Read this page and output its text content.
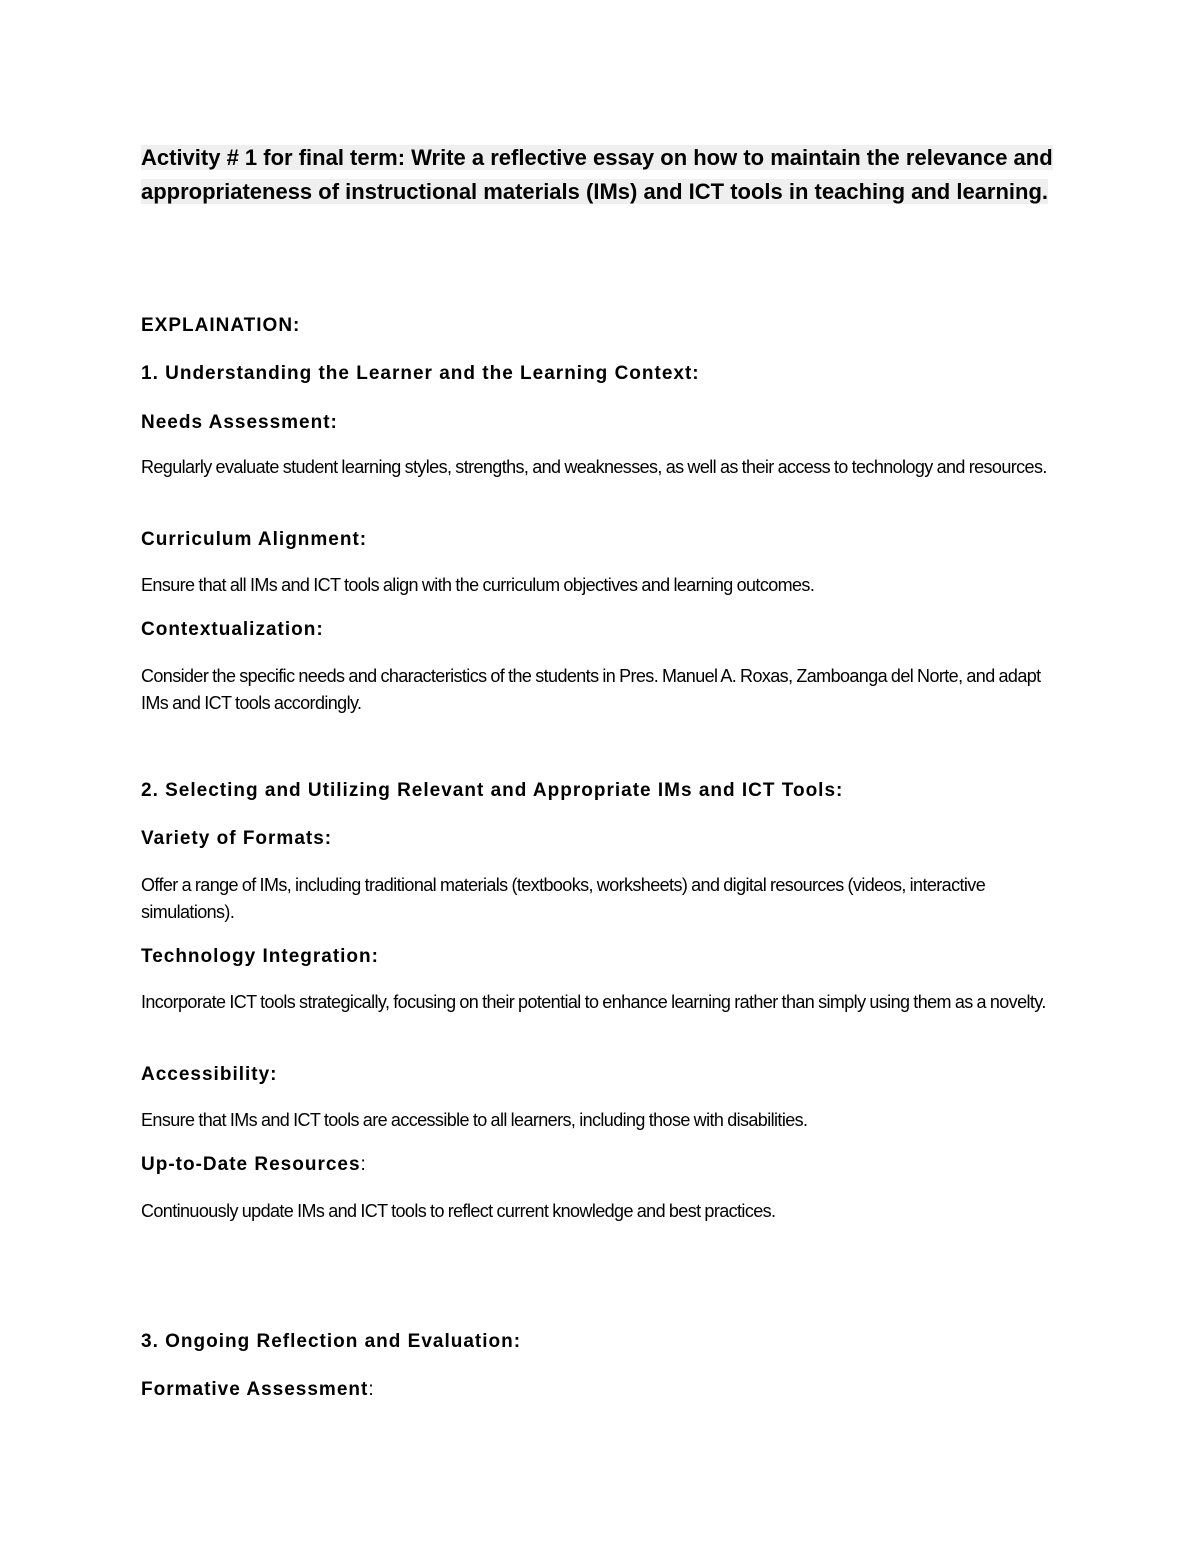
Activity # 1 for final term: Write a reflective essay on how to maintain the relevance and appropriateness of instructional materials (IMs) and ICT tools in teaching and learning.

EXPLAINATION:

1. Understanding the Learner and the Learning Context:

Needs Assessment:

Regularly evaluate student learning styles, strengths, and weaknesses, as well as their access to technology and resources.

Curriculum Alignment:

Ensure that all IMs and ICT tools align with the curriculum objectives and learning outcomes.

Contextualization:

Consider the specific needs and characteristics of the students in Pres. Manuel A. Roxas, Zamboanga del Norte, and adapt IMs and ICT tools accordingly.

2. Selecting and Utilizing Relevant and Appropriate IMs and ICT Tools:

Variety of Formats:

Offer a range of IMs, including traditional materials (textbooks, worksheets) and digital resources (videos, interactive simulations).

Technology Integration:

Incorporate ICT tools strategically, focusing on their potential to enhance learning rather than simply using them as a novelty.

Accessibility:

Ensure that IMs and ICT tools are accessible to all learners, including those with disabilities.

Up-to-Date Resources:

Continuously update IMs and ICT tools to reflect current knowledge and best practices.

3. Ongoing Reflection and Evaluation:

Formative Assessment:
